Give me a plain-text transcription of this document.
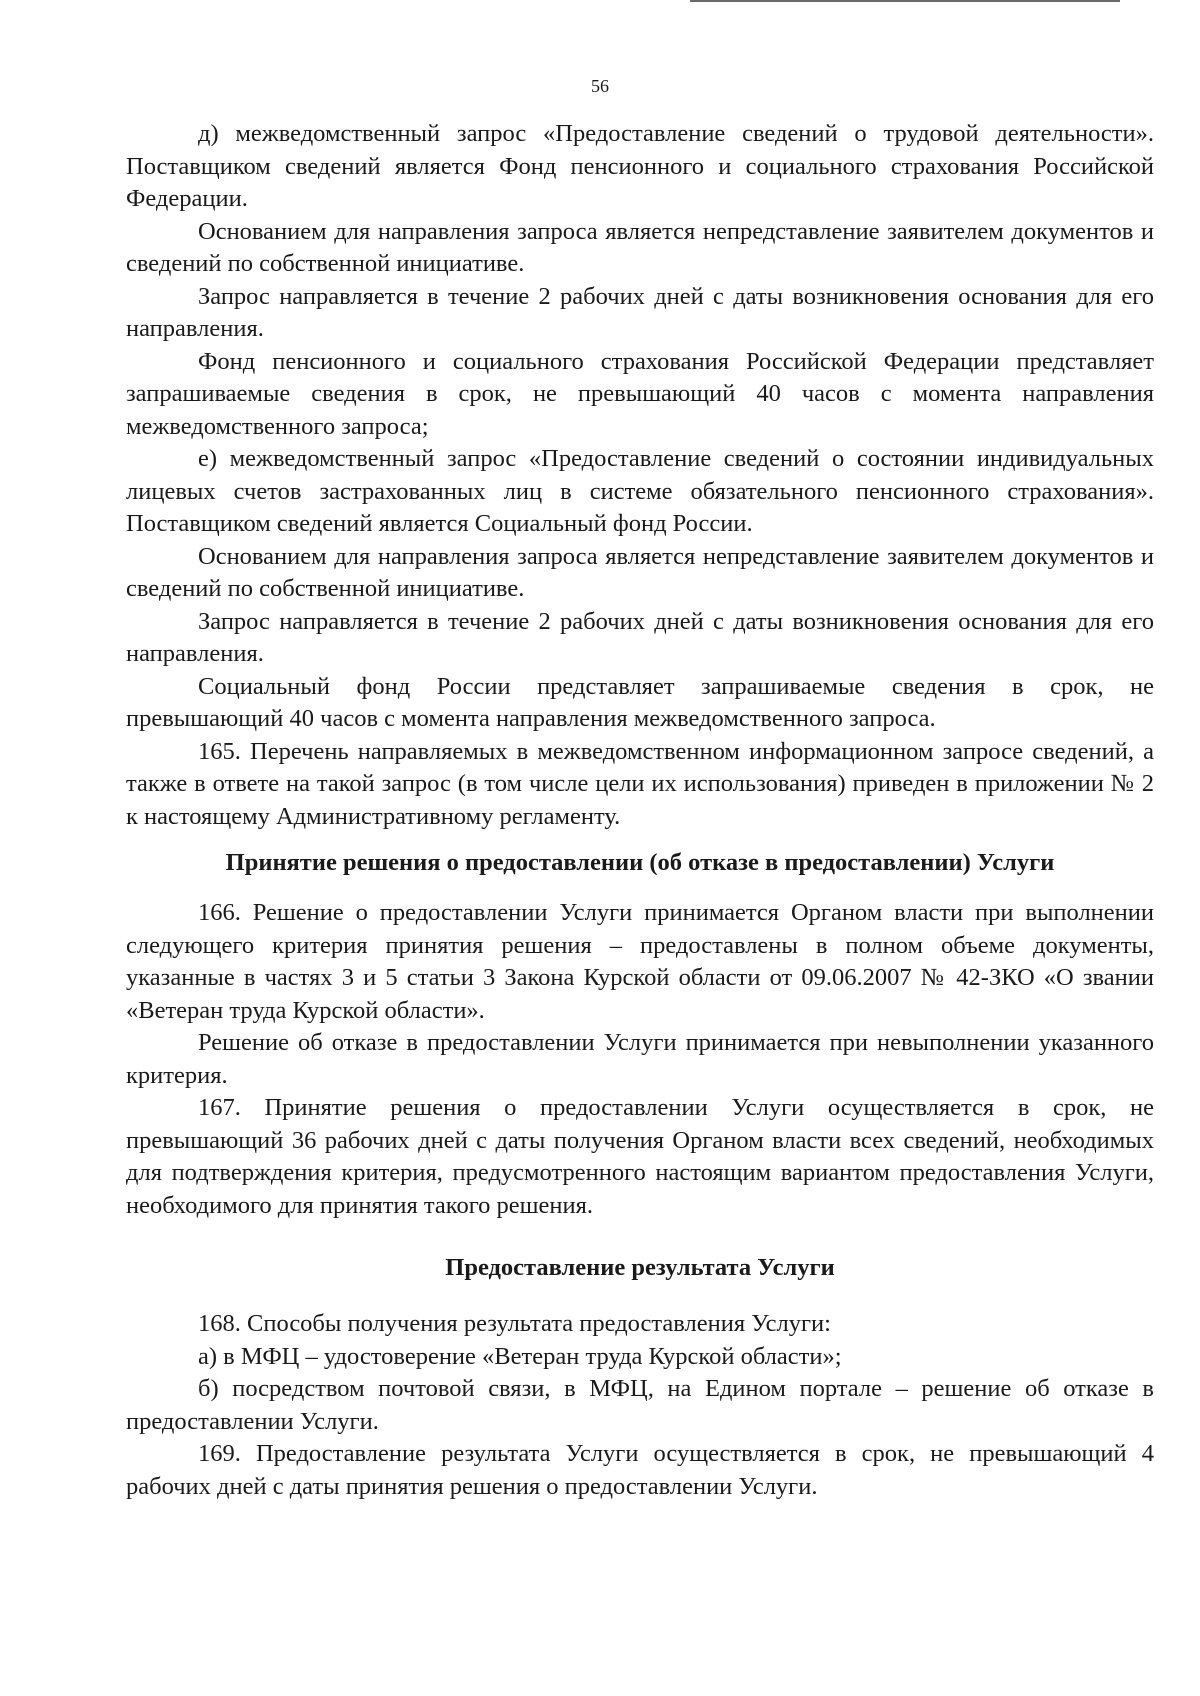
56

д) межведомственный запрос «Предоставление сведений о трудовой деятельности». Поставщиком сведений является Фонд пенсионного и социального страхования Российской Федерации.

Основанием для направления запроса является непредставление заявителем документов и сведений по собственной инициативе.

Запрос направляется в течение 2 рабочих дней с даты возникновения основания для его направления.

Фонд пенсионного и социального страхования Российской Федерации представляет запрашиваемые сведения в срок, не превышающий 40 часов с момента направления межведомственного запроса;

е) межведомственный запрос «Предоставление сведений о состоянии индивидуальных лицевых счетов застрахованных лиц в системе обязательного пенсионного страхования». Поставщиком сведений является Социальный фонд России.

Основанием для направления запроса является непредставление заявителем документов и сведений по собственной инициативе.

Запрос направляется в течение 2 рабочих дней с даты возникновения основания для его направления.

Социальный фонд России представляет запрашиваемые сведения в срок, не превышающий 40 часов с момента направления межведомственного запроса.

165. Перечень направляемых в межведомственном информационном запросе сведений, а также в ответе на такой запрос (в том числе цели их использования) приведен в приложении № 2 к настоящему Административному регламенту.

Принятие решения о предоставлении (об отказе в предоставлении) Услуги

166. Решение о предоставлении Услуги принимается Органом власти при выполнении следующего критерия принятия решения – предоставлены в полном объеме документы, указанные в частях 3 и 5 статьи 3 Закона Курской области от 09.06.2007 № 42-ЗКО «О звании «Ветеран труда Курской области».

Решение об отказе в предоставлении Услуги принимается при невыполнении указанного критерия.

167. Принятие решения о предоставлении Услуги осуществляется в срок, не превышающий 36 рабочих дней с даты получения Органом власти всех сведений, необходимых для подтверждения критерия, предусмотренного настоящим вариантом предоставления Услуги, необходимого для принятия такого решения.

Предоставление результата Услуги

168. Способы получения результата предоставления Услуги:

а) в МФЦ – удостоверение «Ветеран труда Курской области»;

б) посредством почтовой связи, в МФЦ, на Едином портале – решение об отказе в предоставлении Услуги.

169. Предоставление результата Услуги осуществляется в срок, не превышающий 4 рабочих дней с даты принятия решения о предоставлении Услуги.
